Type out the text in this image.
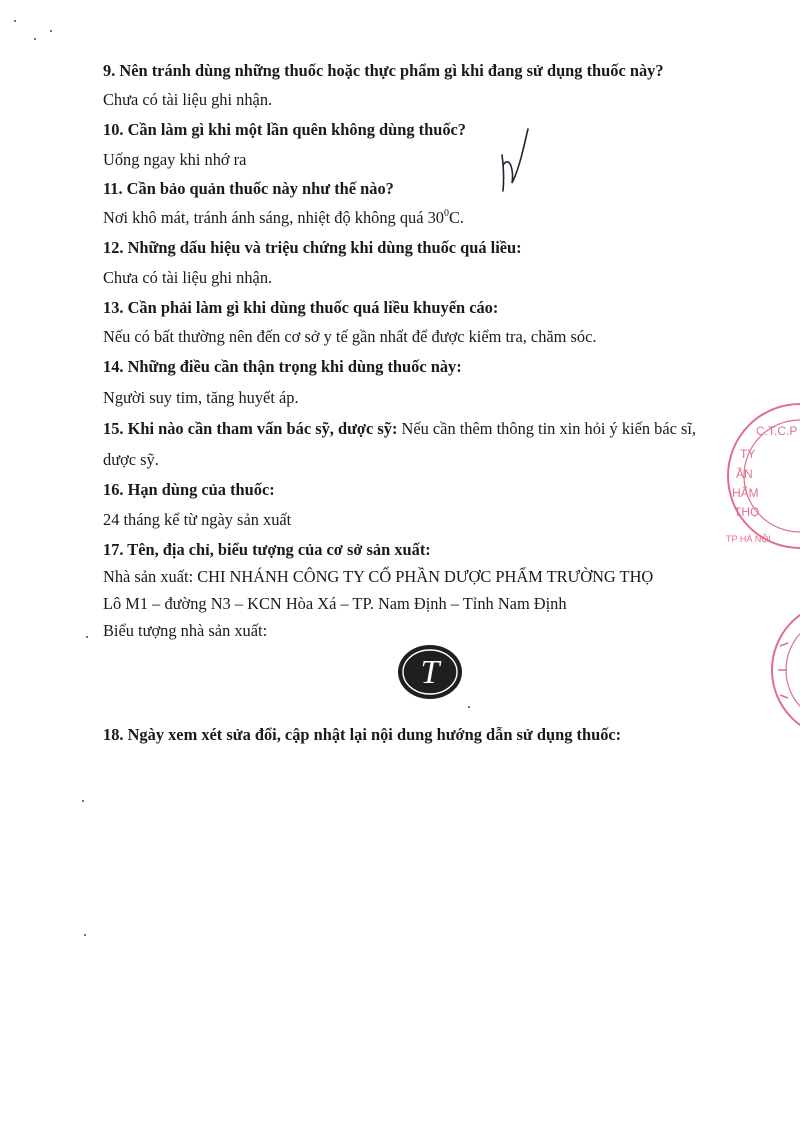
9. Nên tránh dùng những thuốc hoặc thực phẩm gì khi đang sử dụng thuốc này?

Chưa có tài liệu ghi nhận.

10. Cần làm gì khi một lần quên không dùng thuốc?

Uống ngay khi nhớ ra

11. Cần bảo quản thuốc này như thế nào?

Nơi khô mát, tránh ánh sáng, nhiệt độ không quá $30^0C$.

12. Những dấu hiệu và triệu chứng khi dùng thuốc quá liều:

Chưa có tài liệu ghi nhận.

13. Cần phải làm gì khi dùng thuốc quá liều khuyến cáo:

Nếu có bất thường nên đến cơ sở y tế gần nhất để được kiểm tra, chăm sóc.

14. Những điều cần thận trọng khi dùng thuốc này:

Người suy tim, tăng huyết áp.

15. Khi nào cần tham vấn bác sỹ, dược sỹ: Nếu cần thêm thông tin xin hỏi ý kiến bác sĩ,

dược sỹ.

16. Hạn dùng của thuốc:

24 tháng kể từ ngày sản xuất

17. Tên, địa chỉ, biểu tượng của cơ sở sản xuất:

Nhà sản xuất: CHI NHÁNH CÔNG TY CỔ PHẦN DƯỢC PHẨM TRƯỜNG THỌ

Lô M1 – đường N3 – KCN Hòa Xá – TP. Nam Định – Tỉnh Nam Định

Biểu tượng nhà sản xuất:

18. Ngày xem xét sửa đổi, cập nhật lại nội dung hướng dẫn sử dụng thuốc:

T
C.T.C.P
TY
ẦN
HẨM
THỌ
TP HÀ NỘI
